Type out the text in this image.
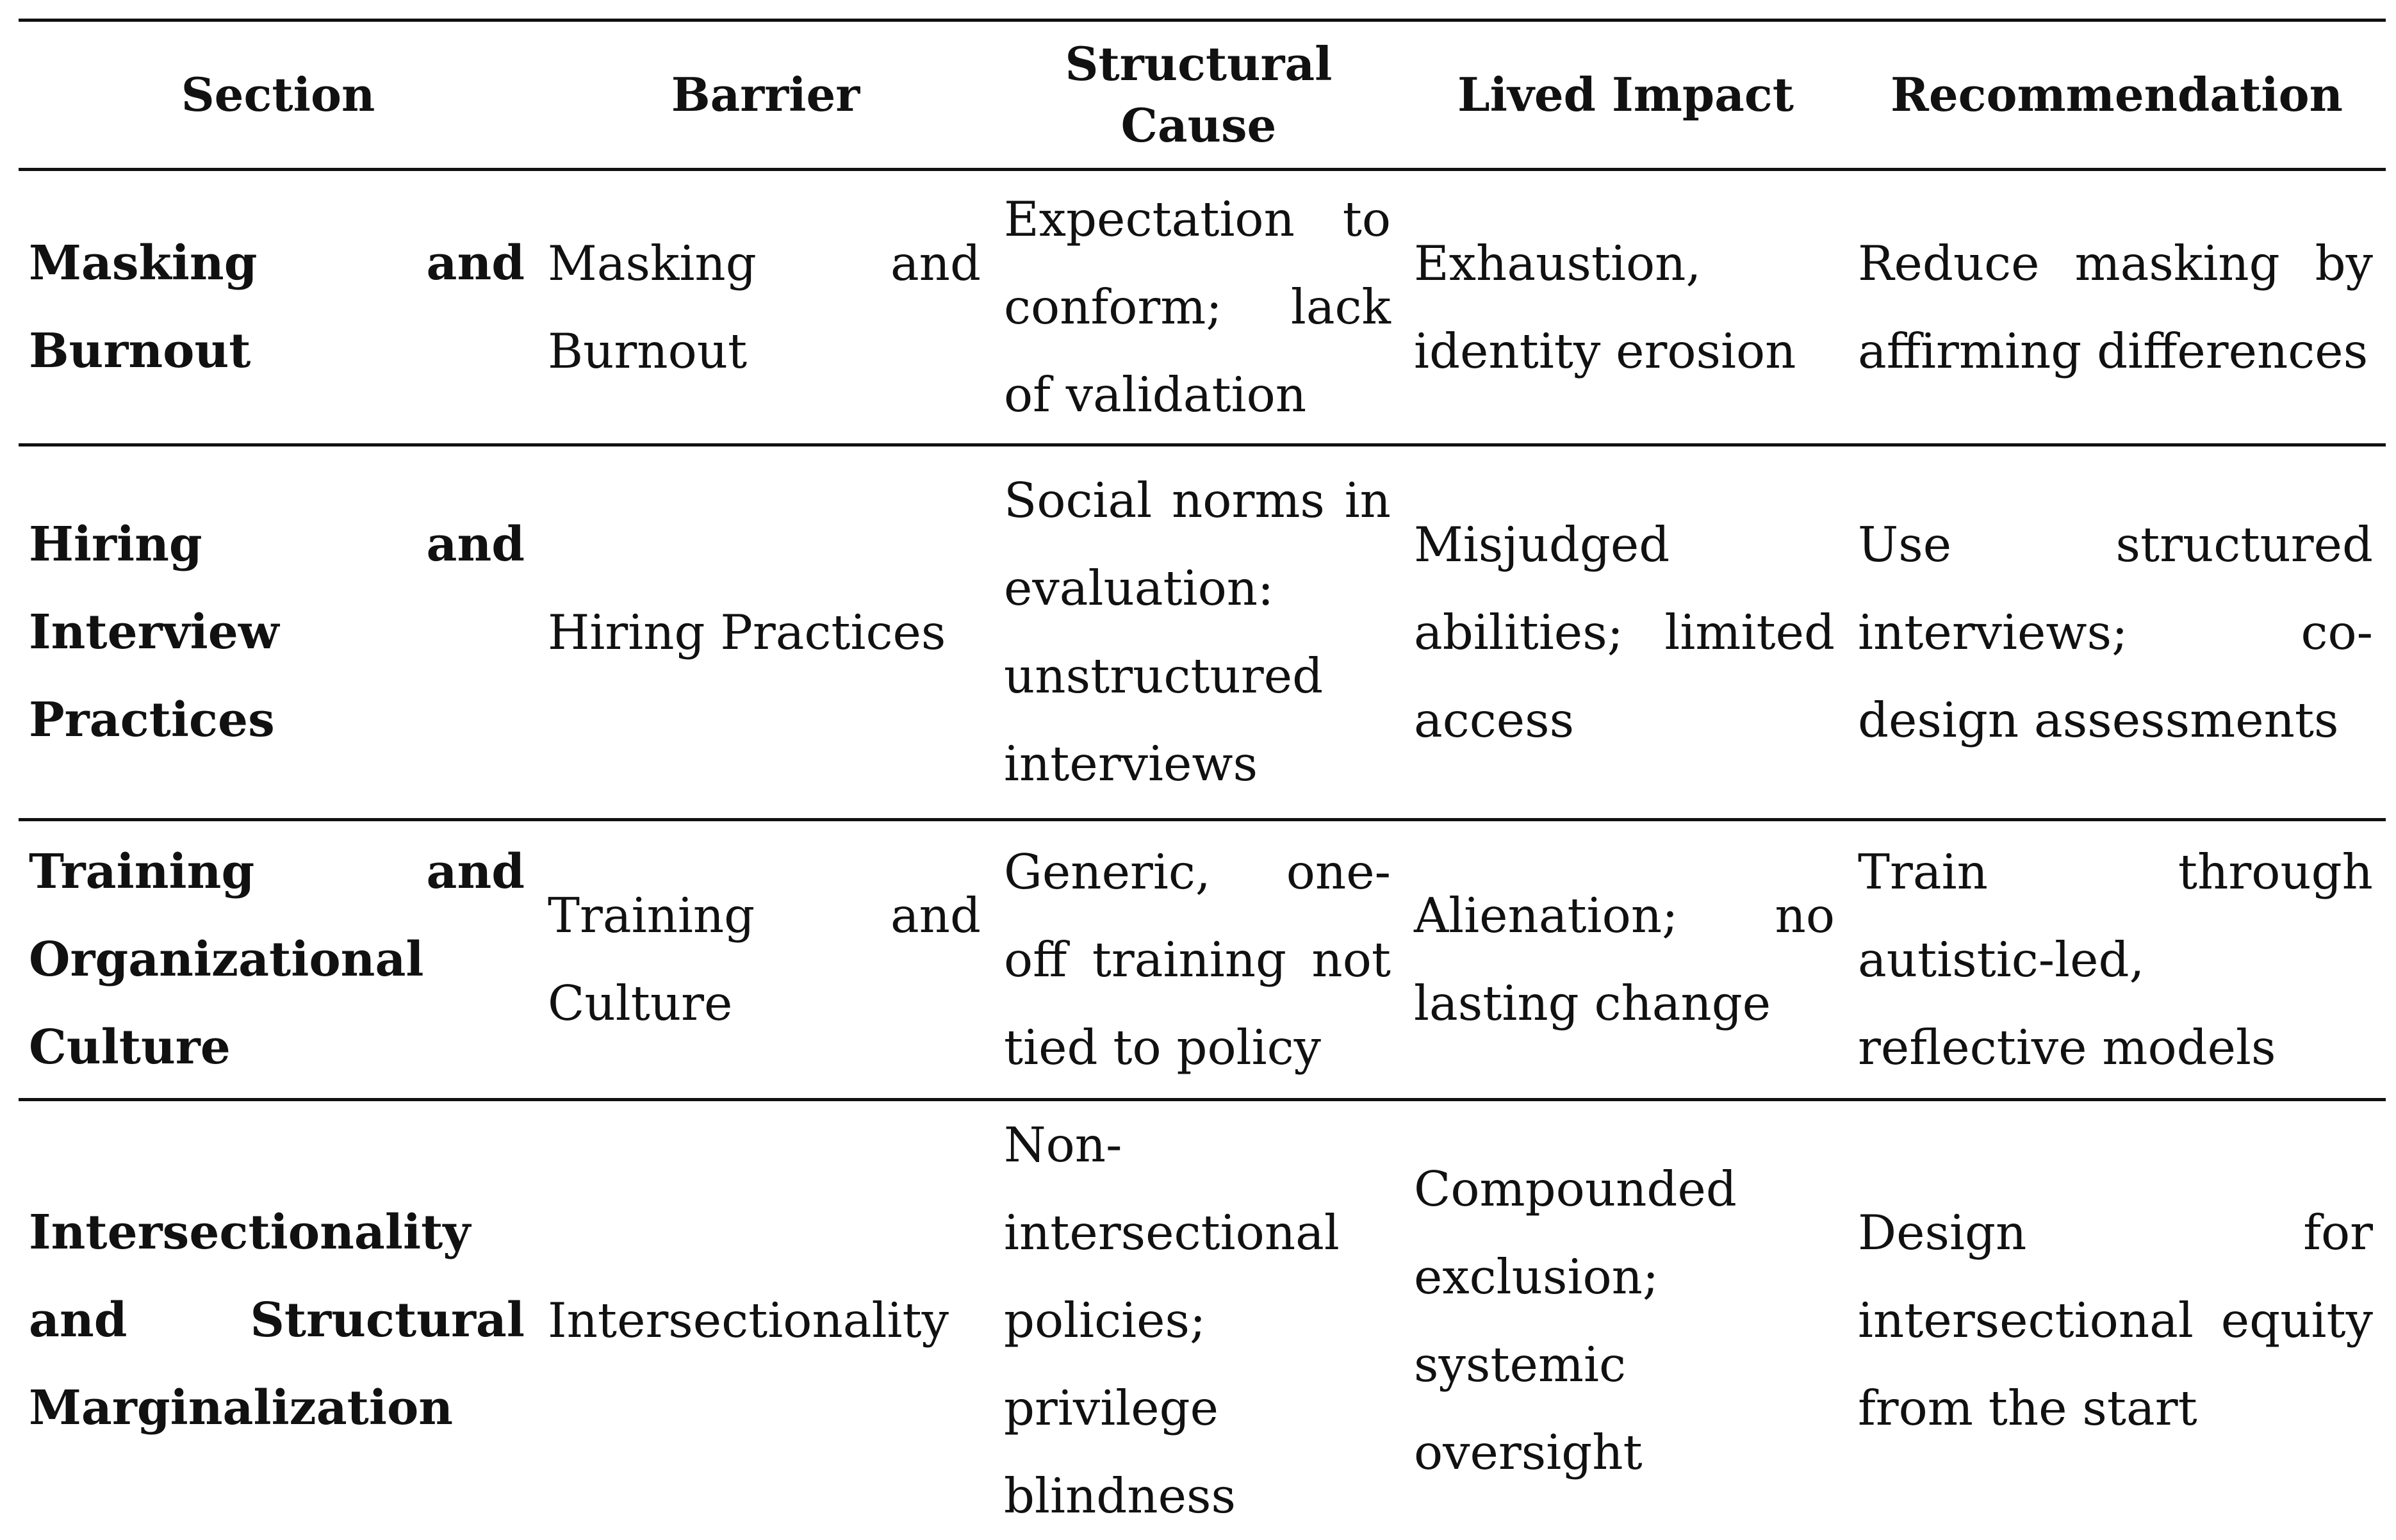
Section	Barrier	Structural Cause	Lived Impact	Recommendation
Masking and Burnout	Masking and Burnout	Expectation to conform; lack of validation	Exhaustion, identity erosion	Reduce masking by affirming differences
Hiring and Interview Practices	Hiring Practices	Social norms in evaluation: unstructured interviews	Misjudged abilities; limited access	Use structured interviews; co-design assessments
Training and Organizational Culture	Training and Culture	Generic, one-off training not tied to policy	Alienation; no lasting change	Train through autistic-led, reflective models
Intersectionality and Structural Marginalization	Intersectionality	Non-intersectional policies; privilege blindness	Compounded exclusion; systemic oversight	Design for intersectional equity from the start
